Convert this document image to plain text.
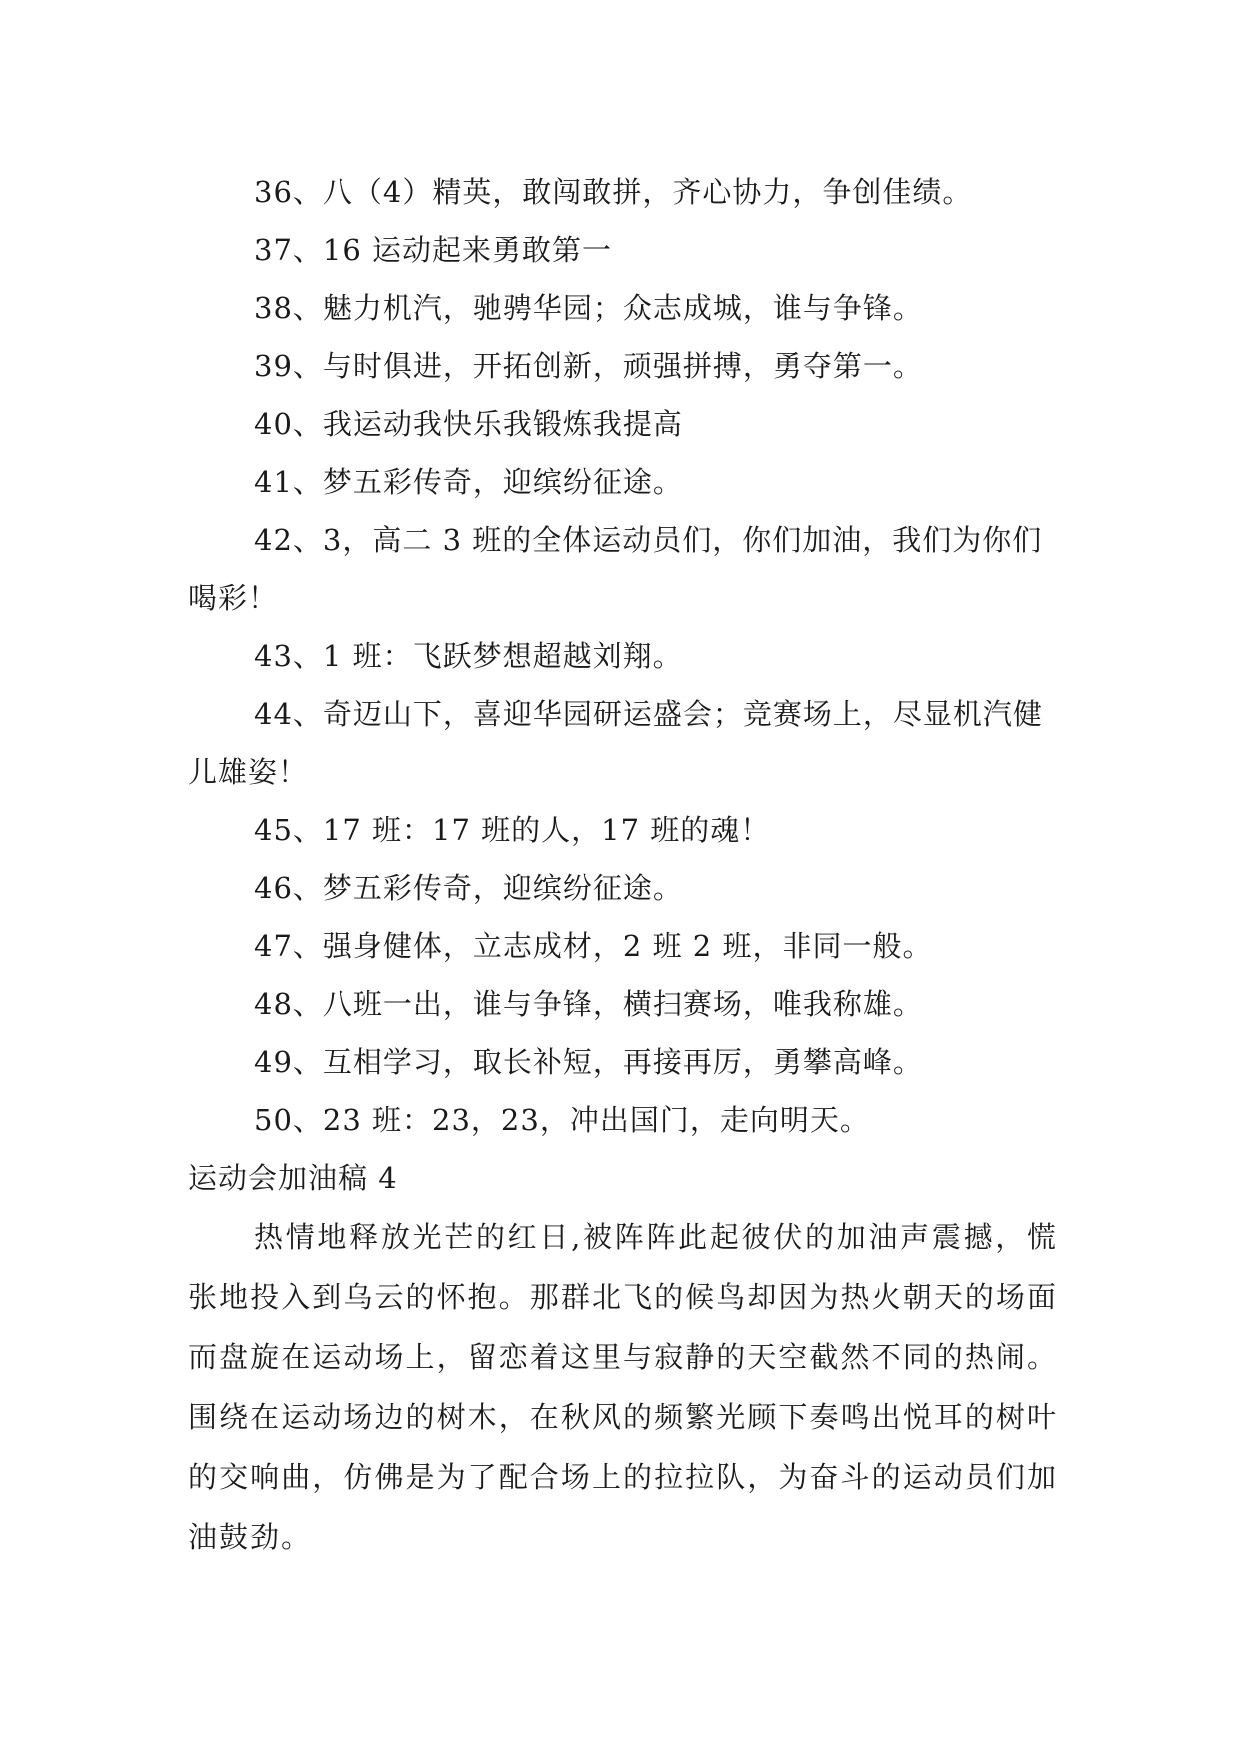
36、八（4）精英，敢闯敢拼，齐心协力，争创佳绩。

37、16 运动起来勇敢第一

38、魅力机汽，驰骋华园；众志成城，谁与争锋。

39、与时俱进，开拓创新，顽强拼搏，勇夺第一。

40、我运动我快乐我锻炼我提高

41、梦五彩传奇，迎缤纷征途。

42、3，高二 3 班的全体运动员们，你们加油，我们为你们喝彩！

43、1 班：飞跃梦想超越刘翔。

44、奇迈山下，喜迎华园研运盛会；竞赛场上，尽显机汽健儿雄姿！

45、17 班：17 班的人，17 班的魂！

46、梦五彩传奇，迎缤纷征途。

47、强身健体，立志成材，2 班 2 班，非同一般。

48、八班一出，谁与争锋，横扫赛场，唯我称雄。

49、互相学习，取长补短，再接再厉，勇攀高峰。

50、23 班：23，23，冲出国门，走向明天。

运动会加油稿 4

热情地释放光芒的红日,被阵阵此起彼伏的加油声震撼，慌张地投入到乌云的怀抱。那群北飞的候鸟却因为热火朝天的场面而盘旋在运动场上，留恋着这里与寂静的天空截然不同的热闹。围绕在运动场边的树木，在秋风的频繁光顾下奏鸣出悦耳的树叶的交响曲，仿佛是为了配合场上的拉拉队，为奋斗的运动员们加油鼓劲。
